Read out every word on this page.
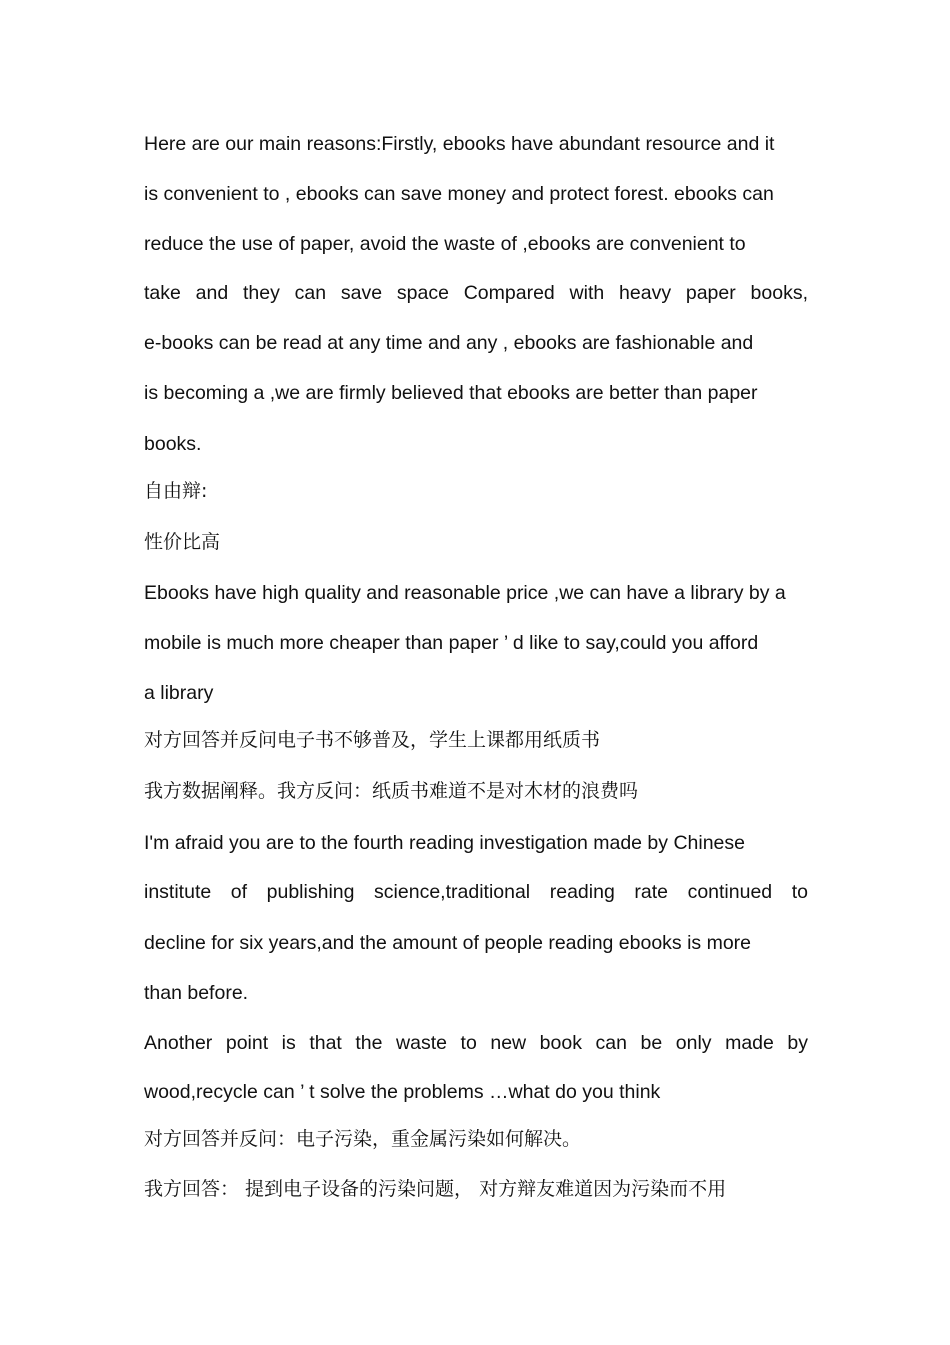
Here are our main reasons:Firstly, ebooks have abundant resource and it
is convenient to , ebooks can save money and protect forest. ebooks can
reduce the use of paper, avoid the waste of ,ebooks are convenient to
take and they can save space Compared with heavy paper books,
e-books can be read at any time and any , ebooks are fashionable and
is becoming a ,we are firmly believed that ebooks are better than paper
books.
自由辩:
性价比高
Ebooks have high quality and reasonable price ,we can have a library by a
mobile is much more cheaper than paper ’ d like to say,could you afford
a library
对方回答并反问电子书不够普及，学生上课都用纸质书
我方数据阐释。我方反问：纸质书难道不是对木材的浪费吗
I'm afraid you are to the fourth reading investigation made by Chinese
institute of publishing science,traditional reading rate continued to
decline for six years,and the amount of people reading ebooks is more
than before.
Another point is that the waste to new book can be only made by
wood,recycle can ’ t solve the problems …what do you think
对方回答并反问：电子污染，重金属污染如何解决。
我方回答： 提到电子设备的污染问题， 对方辩友难道因为污染而不用
